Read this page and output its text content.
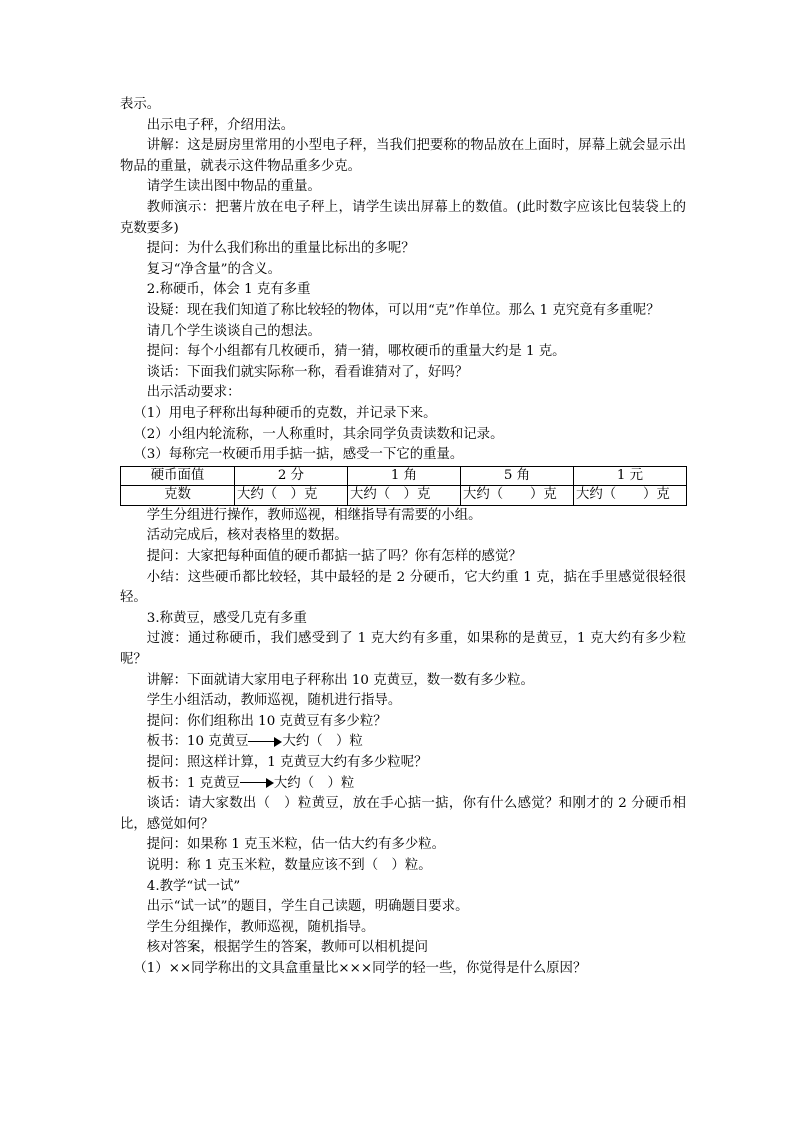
表示。

出示电子秤，介绍用法。

讲解：这是厨房里常用的小型电子秤，当我们把要称的物品放在上面时，屏幕上就会显示出物品的重量，就表示这件物品重多少克。

请学生读出图中物品的重量。

教师演示：把薯片放在电子秤上，请学生读出屏幕上的数值。(此时数字应该比包装袋上的克数要多)

提问：为什么我们称出的重量比标出的多呢？

复习“净含量”的含义。

2.称硬币，体会 1 克有多重

设疑：现在我们知道了称比较轻的物体，可以用“克”作单位。那么 1 克究竟有多重呢？

请几个学生谈谈自己的想法。

提问：每个小组都有几枚硬币，猜一猜，哪枚硬币的重量大约是 1 克。

谈话：下面我们就实际称一称，看看谁猜对了，好吗？

出示活动要求：

（1）用电子秤称出每种硬币的克数，并记录下来。

（2）小组内轮流称，一人称重时，其余同学负责读数和记录。

（3）每称完一枚硬币用手掂一掂，感受一下它的重量。

硬币面值	2 分	1 角	5 角	1 元
克数	大约（　）克	大约（　）克	大约（　　）克	大约（　　）克

学生分组进行操作，教师巡视，相继指导有需要的小组。

活动完成后，核对表格里的数据。

提问：大家把每种面值的硬币都掂一掂了吗？你有怎样的感觉？

小结：这些硬币都比较轻，其中最轻的是 2 分硬币，它大约重 1 克，掂在手里感觉很轻很轻。

3.称黄豆，感受几克有多重

过渡：通过称硬币，我们感受到了 1 克大约有多重，如果称的是黄豆，1 克大约有多少粒呢？

讲解：下面就请大家用电子秤称出 10 克黄豆，数一数有多少粒。

学生小组活动，教师巡视，随机进行指导。

提问：你们组称出 10 克黄豆有多少粒？

板书：10 克黄豆	大约（　）粒

提问：照这样计算，1 克黄豆大约有多少粒呢？

板书：1 克黄豆	大约（　）粒

谈话：请大家数出（　）粒黄豆，放在手心掂一掂，你有什么感觉？和刚才的 2 分硬币相比，感觉如何？

提问：如果称 1 克玉米粒，估一估大约有多少粒。

说明：称 1 克玉米粒，数量应该不到（　）粒。

4.教学“试一试”

出示“试一试”的题目，学生自己读题，明确题目要求。

学生分组操作，教师巡视，随机指导。

核对答案，根据学生的答案，教师可以相机提问

（1）××同学称出的文具盒重量比×××同学的轻一些，你觉得是什么原因？
